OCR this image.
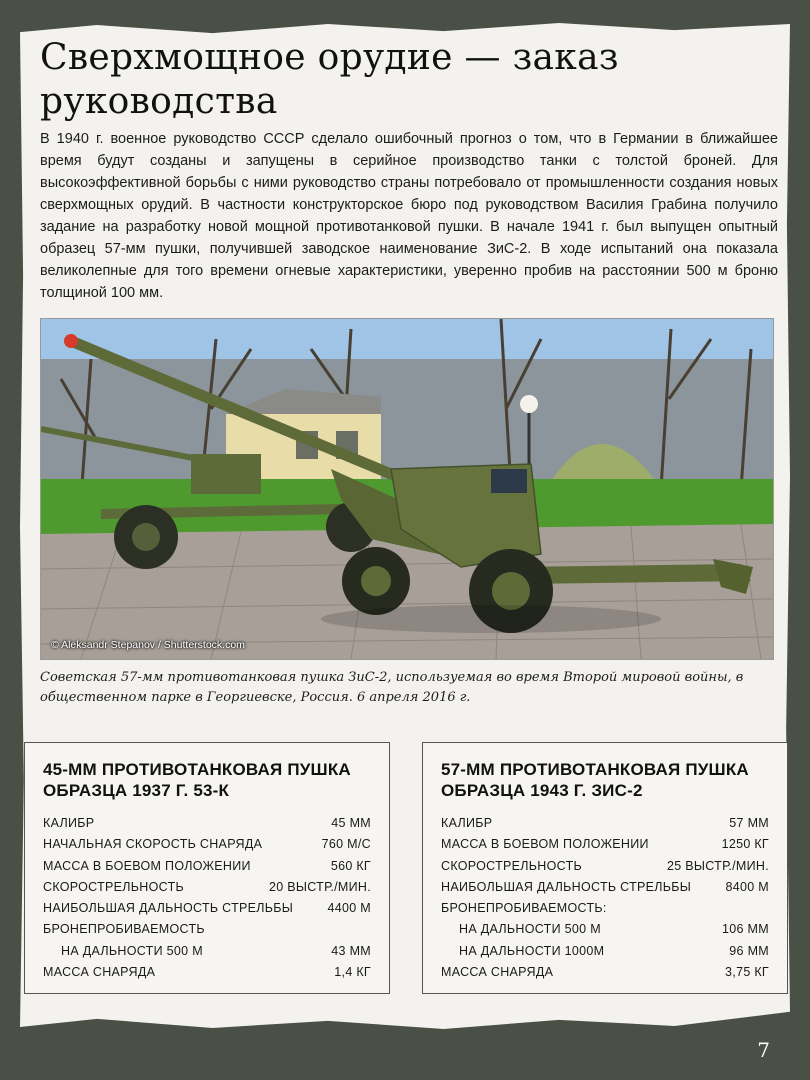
Сверхмощное орудие — заказ руководства

В 1940 г. военное руководство СССР сделало ошибочный прогноз о том, что в Германии в ближайшее время будут созданы и запущены в серийное производство танки с толстой броней. Для высокоэффективной борьбы с ними руководство страны потребовало от промышленности создания новых сверхмощных орудий. В частности конструкторское бюро под руководством Василия Грабина получило задание на разработку новой мощной противотанковой пушки. В начале 1941 г. был выпущен опытный образец 57-мм пушки, получившей заводское наименование ЗиС-2. В ходе испытаний она показала великолепные для того времени огневые характеристики, уверенно пробив на расстоянии 500 м броню толщиной 100 мм.

© Aleksandr Stepanov / Shutterstock.com

Советская 57-мм противотанковая пушка ЗиС-2, используемая во время Второй мировой войны, в общественном парке в Георгиевске, Россия. 6 апреля 2016 г.

45-ММ ПРОТИВОТАНКОВАЯ ПУШКА ОБРАЗЦА 1937 Г. 53-К
КАЛИБР	45 ММ
НАЧАЛЬНАЯ СКОРОСТЬ СНАРЯДА	760 М/С
МАССА В БОЕВОМ ПОЛОЖЕНИИ	560 КГ
СКОРОСТРЕЛЬНОСТЬ	20 ВЫСТР./МИН.
НАИБОЛЬШАЯ ДАЛЬНОСТЬ СТРЕЛЬБЫ	4400 М
БРОНЕПРОБИВАЕМОСТЬ
НА ДАЛЬНОСТИ 500 М	43 ММ
МАССА СНАРЯДА	1,4 КГ
57-ММ ПРОТИВОТАНКОВАЯ ПУШКА ОБРАЗЦА 1943 Г. ЗИС-2
КАЛИБР	57 ММ
МАССА В БОЕВОМ ПОЛОЖЕНИИ	1250 КГ
СКОРОСТРЕЛЬНОСТЬ	25 ВЫСТР./МИН.
НАИБОЛЬШАЯ ДАЛЬНОСТЬ СТРЕЛЬБЫ	8400 М
БРОНЕПРОБИВАЕМОСТЬ:
НА ДАЛЬНОСТИ 500 М	106 ММ
НА ДАЛЬНОСТИ 1000М	96 ММ
МАССА СНАРЯДА	3,75 КГ
7
